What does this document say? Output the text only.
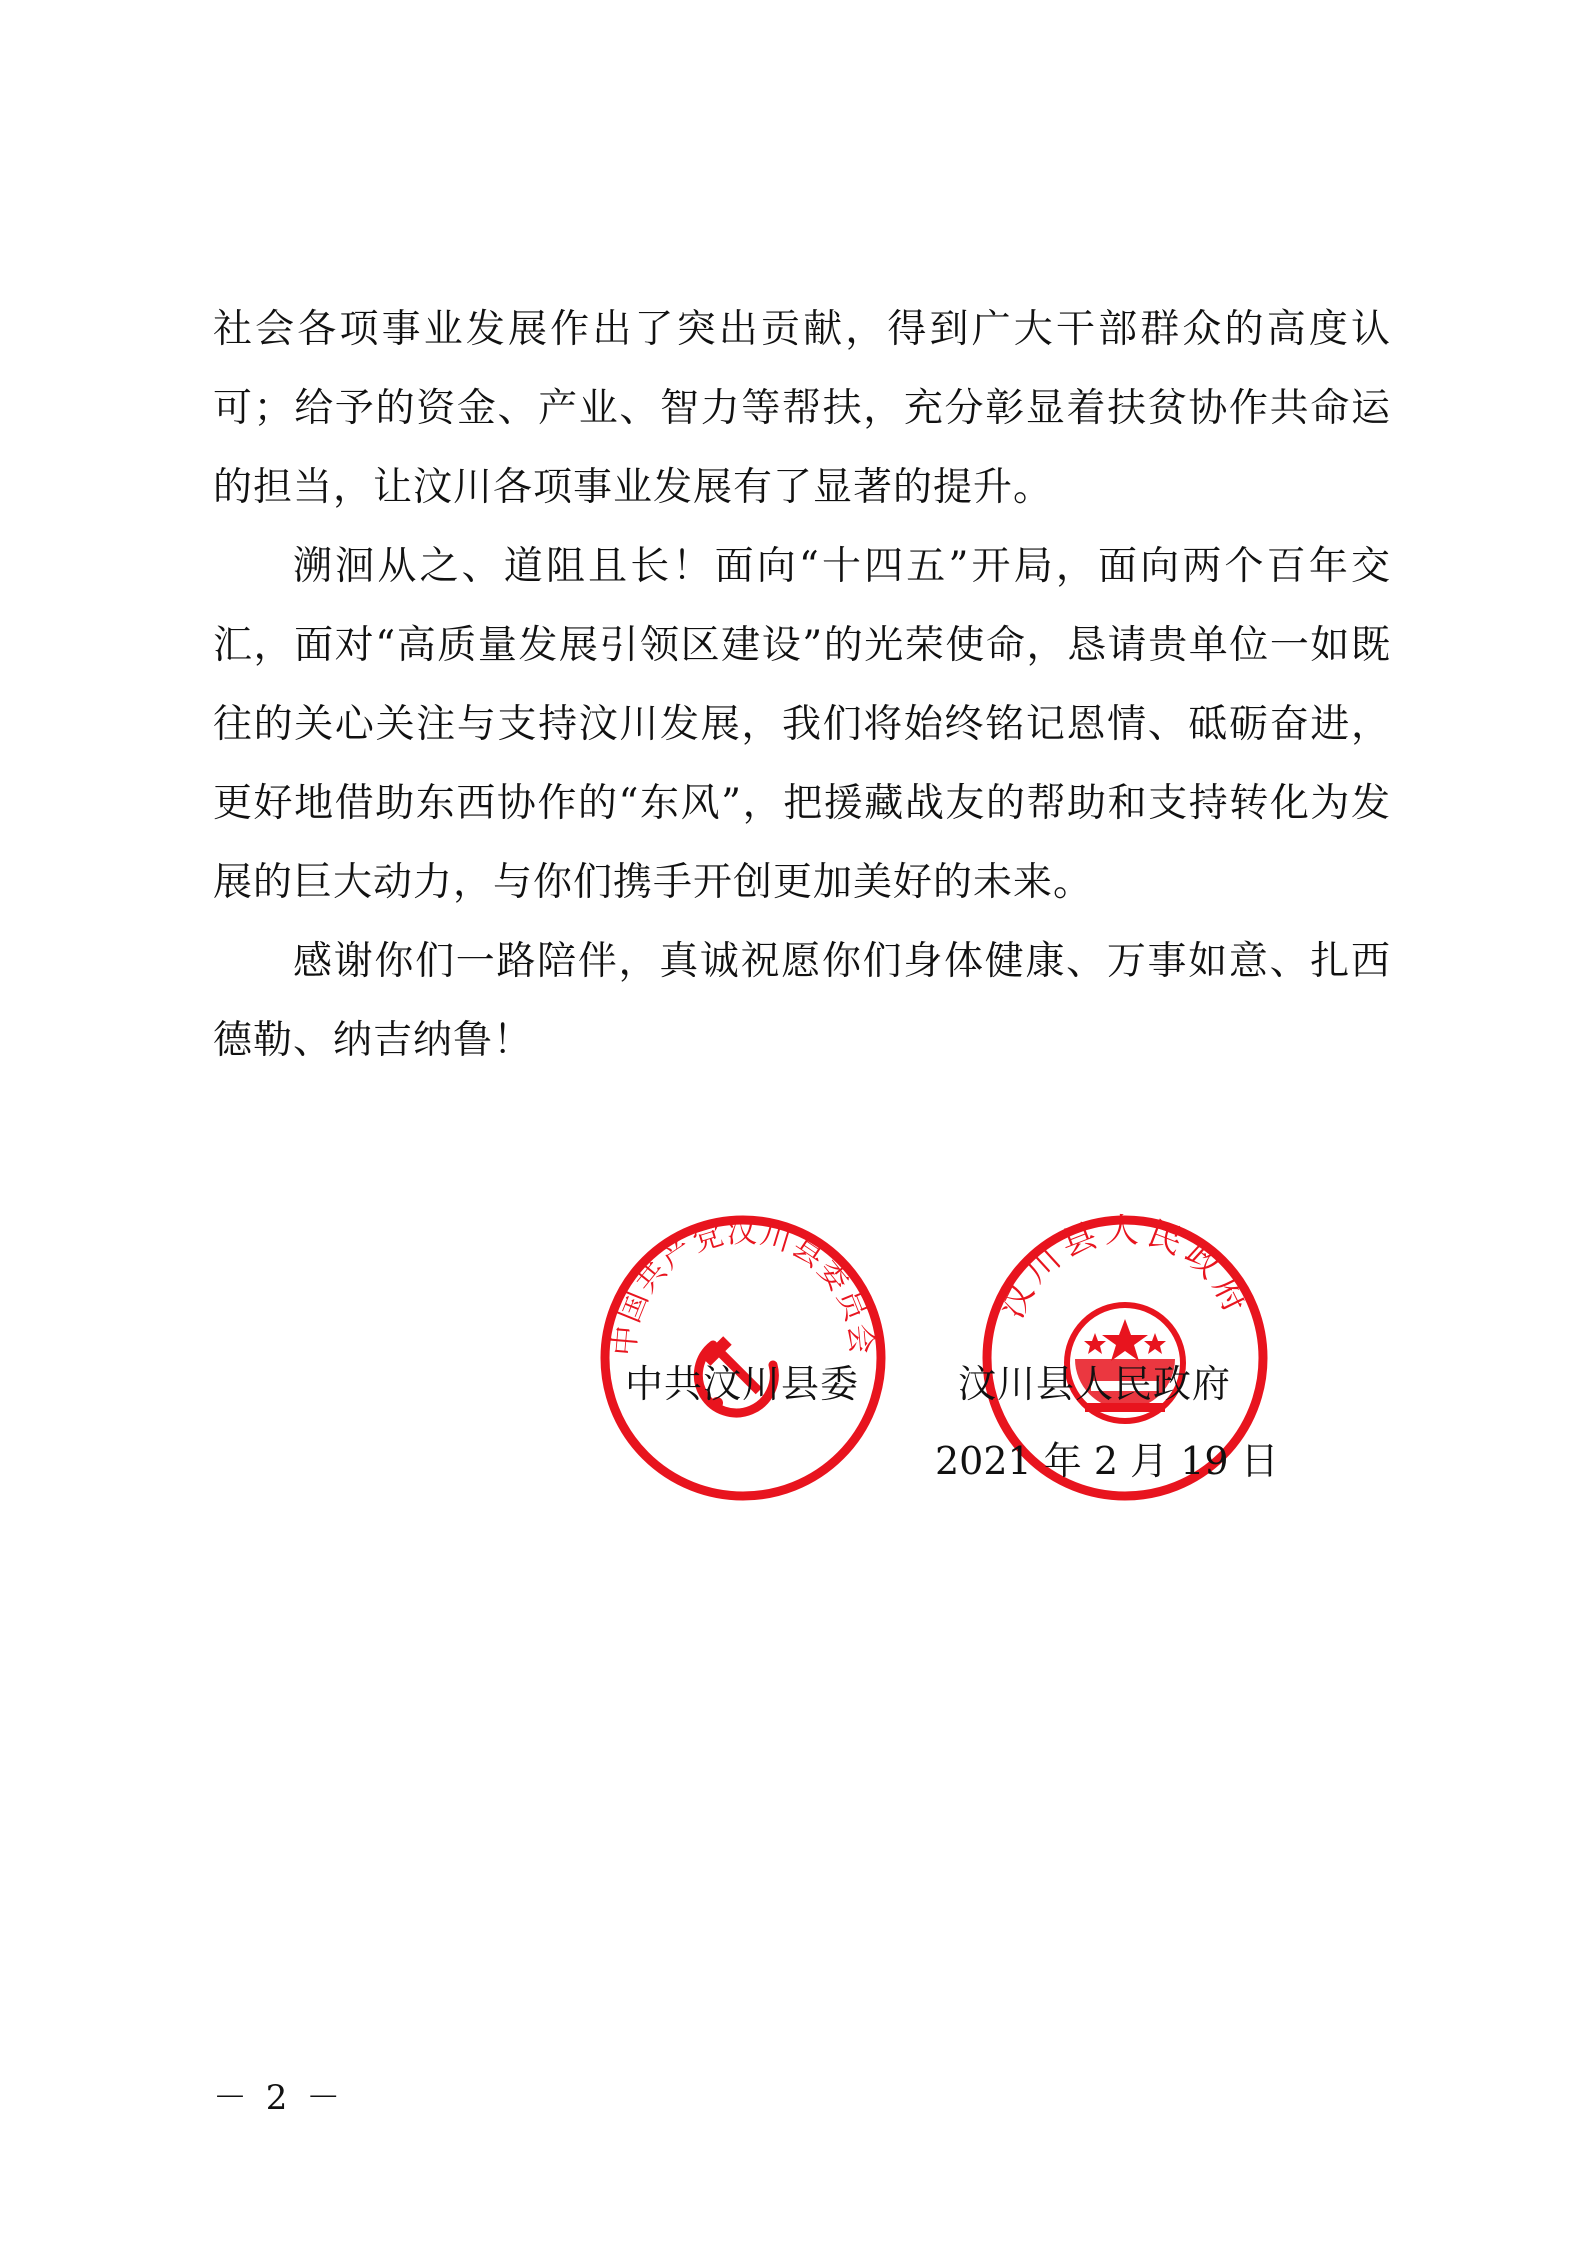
社会各项事业发展作出了突出贡献，得到广大干部群众的高度认可；给予的资金、产业、智力等帮扶，充分彰显着扶贫协作共命运的担当，让汶川各项事业发展有了显著的提升。

溯洄从之、道阻且长！面向“十四五”开局，面向两个百年交汇，面对“高质量发展引领区建设”的光荣使命，恳请贵单位一如既往的关心关注与支持汶川发展，我们将始终铭记恩情、砥砺奋进，更好地借助东西协作的“东风”，把援藏战友的帮助和支持转化为发展的巨大动力，与你们携手开创更加美好的未来。

感谢你们一路陪伴，真诚祝愿你们身体健康、万事如意、扎西德勒、纳吉纳鲁！

中国共产党汶川县委员会
汶川县人民政府
中共汶川县委	汶川县人民政府
2021 年 2 月 19 日
－ 2 －
